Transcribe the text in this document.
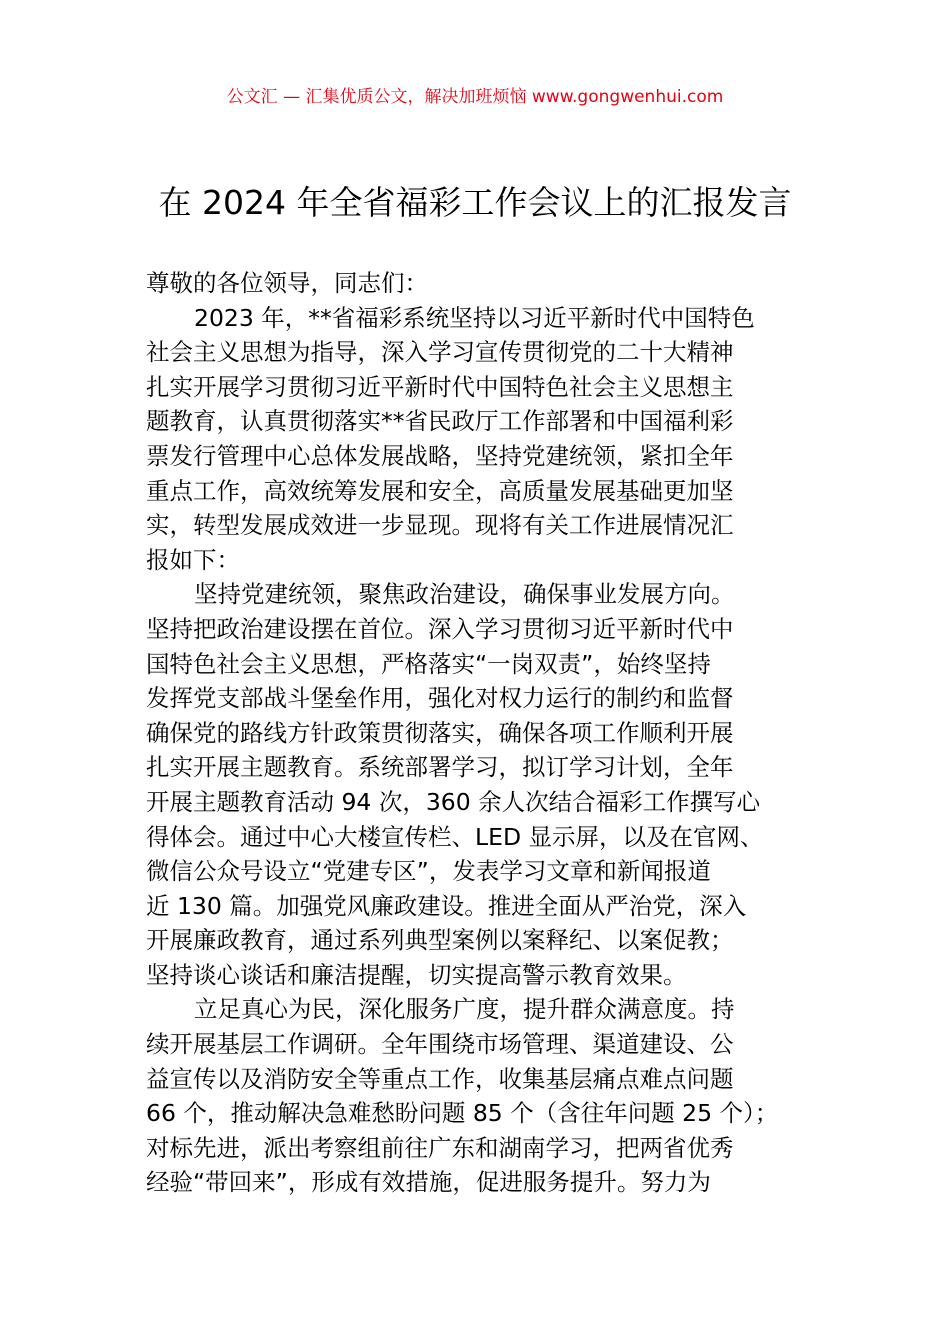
公文汇 — 汇集优质公文，解决加班烦恼 www.gongwenhui.com
在 2024 年全省福彩工作会议上的汇报发言
尊敬的各位领导，同志们：
2023 年，**省福彩系统坚持以习近平新时代中国特色
社会主义思想为指导，深入学习宣传贯彻党的二十大精神
扎实开展学习贯彻习近平新时代中国特色社会主义思想主
题教育，认真贯彻落实**省民政厅工作部署和中国福利彩
票发行管理中心总体发展战略，坚持党建统领，紧扣全年
重点工作，高效统筹发展和安全，高质量发展基础更加坚
实，转型发展成效进一步显现。现将有关工作进展情况汇
报如下：
坚持党建统领，聚焦政治建设，确保事业发展方向。
坚持把政治建设摆在首位。深入学习贯彻习近平新时代中
国特色社会主义思想，严格落实“一岗双责”，始终坚持
发挥党支部战斗堡垒作用，强化对权力运行的制约和监督
确保党的路线方针政策贯彻落实，确保各项工作顺利开展
扎实开展主题教育。系统部署学习，拟订学习计划，全年
开展主题教育活动 94 次，360 余人次结合福彩工作撰写心
得体会。通过中心大楼宣传栏、LED 显示屏，以及在官网、
微信公众号设立“党建专区”，发表学习文章和新闻报道
近 130 篇。加强党风廉政建设。推进全面从严治党，深入
开展廉政教育，通过系列典型案例以案释纪、以案促教；
坚持谈心谈话和廉洁提醒，切实提高警示教育效果。
立足真心为民，深化服务广度，提升群众满意度。持
续开展基层工作调研。全年围绕市场管理、渠道建设、公
益宣传以及消防安全等重点工作，收集基层痛点难点问题
66 个，推动解决急难愁盼问题 85 个（含往年问题 25 个）；
对标先进，派出考察组前往广东和湖南学习，把两省优秀
经验“带回来”，形成有效措施，促进服务提升。努力为
